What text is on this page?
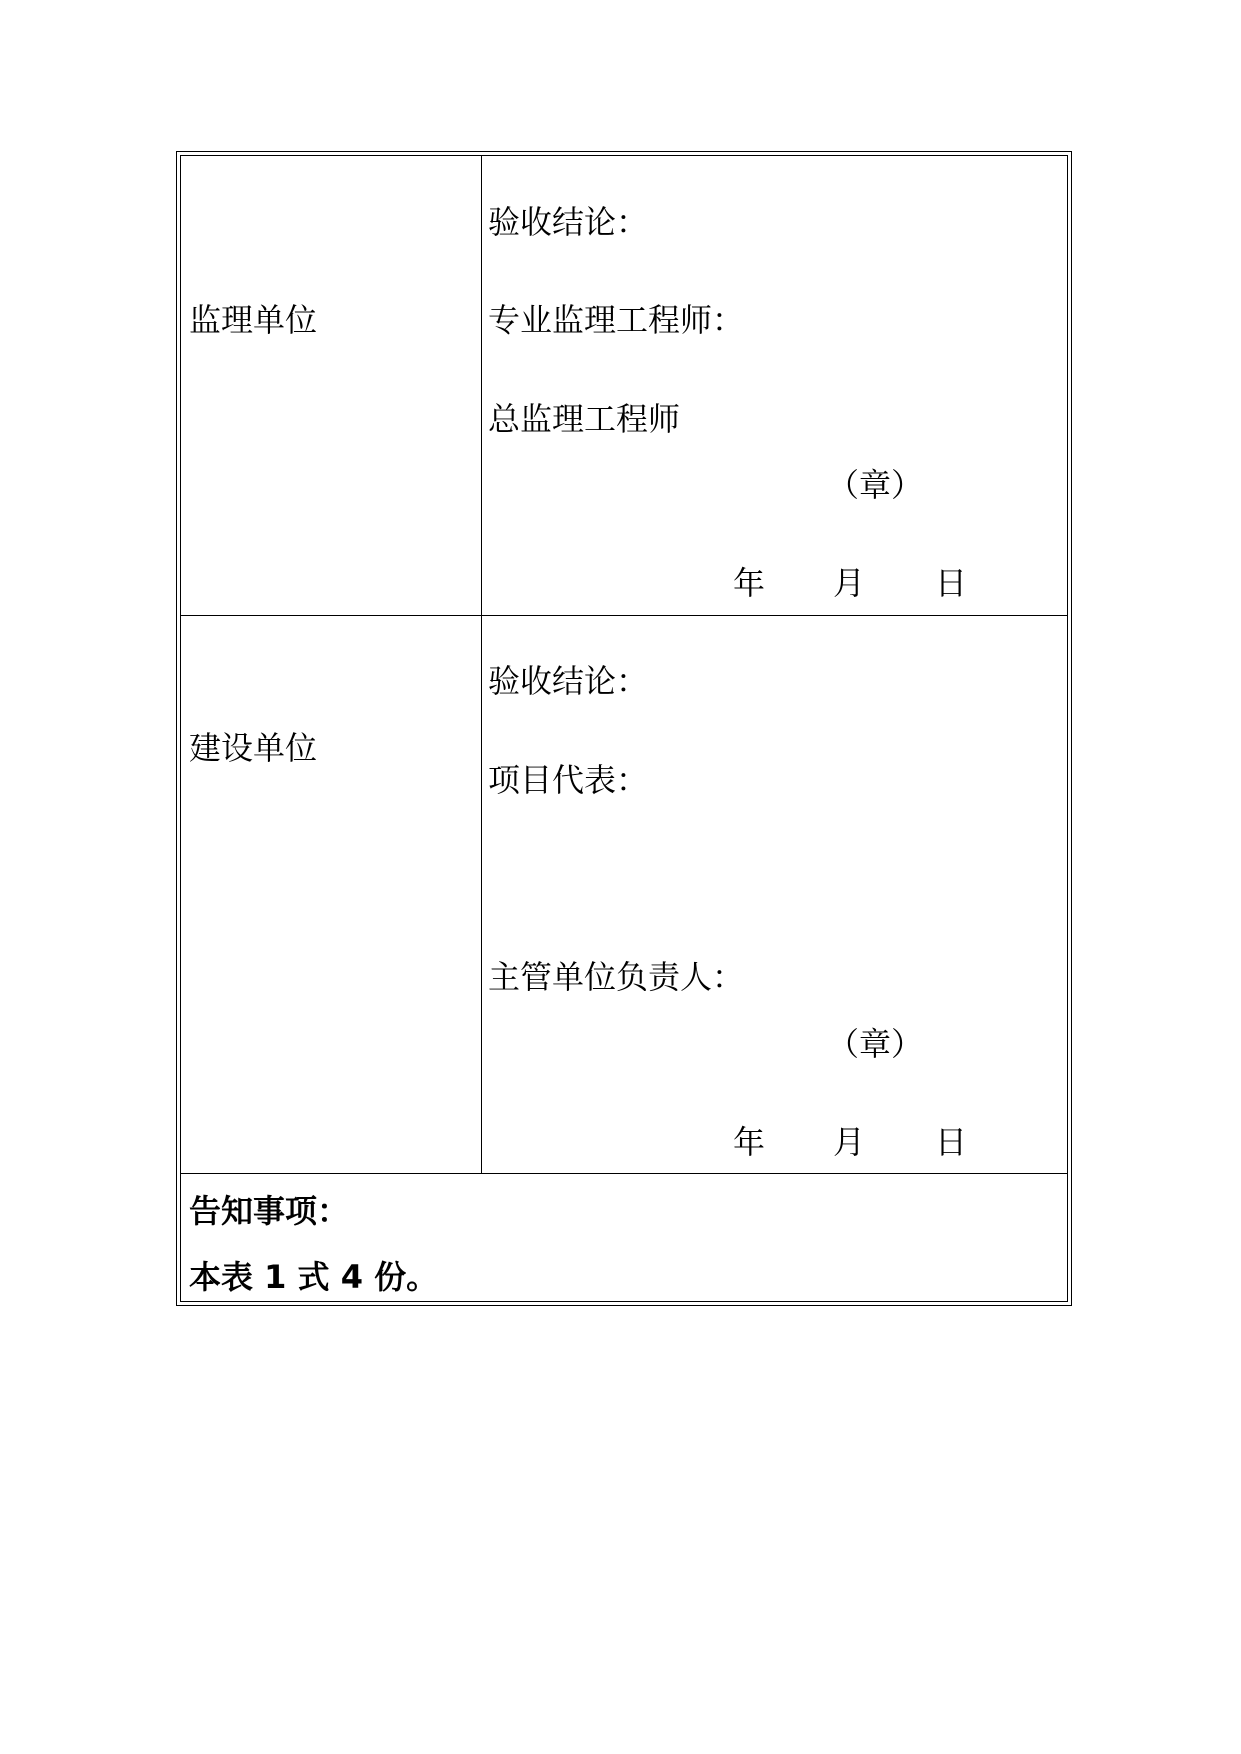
监理单位
验收结论：
专业监理工程师：
总监理工程师
（章）
年 月 日
建设单位
验收结论：
项目代表：
主管单位负责人：
（章）
年 月 日
告知事项：
本表 1 式 4 份。
